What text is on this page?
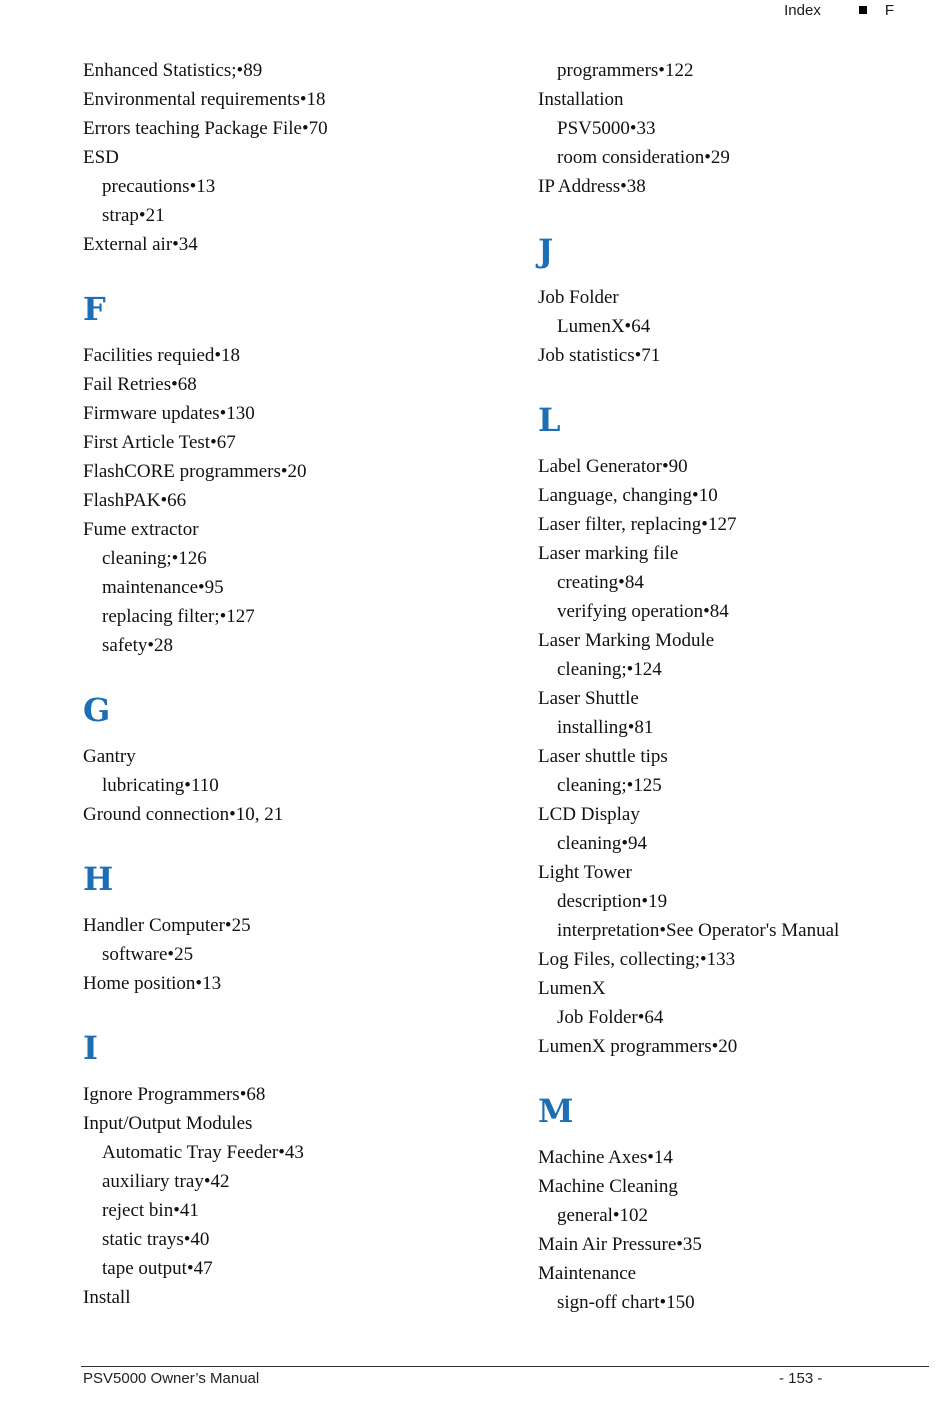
Index	F
Enhanced Statistics;•89
Environmental requirements•18
Errors teaching Package File•70
ESD
precautions•13
strap•21
External air•34
F
Facilities requied•18
Fail Retries•68
Firmware updates•130
First Article Test•67
FlashCORE programmers•20
FlashPAK•66
Fume extractor
cleaning;•126
maintenance•95
replacing filter;•127
safety•28
G
Gantry
lubricating•110
Ground connection•10, 21
H
Handler Computer•25
software•25
Home position•13
I
Ignore Programmers•68
Input/Output Modules
Automatic Tray Feeder•43
auxiliary tray•42
reject bin•41
static trays•40
tape output•47
Install
programmers•122
Installation
PSV5000•33
room consideration•29
IP Address•38
J
Job Folder
LumenX•64
Job statistics•71
L
Label Generator•90
Language, changing•10
Laser filter, replacing•127
Laser marking file
creating•84
verifying operation•84
Laser Marking Module
cleaning;•124
Laser Shuttle
installing•81
Laser shuttle tips
cleaning;•125
LCD Display
cleaning•94
Light Tower
description•19
interpretation•See Operator's Manual
Log Files, collecting;•133
LumenX
Job Folder•64
LumenX programmers•20
M
Machine Axes•14
Machine Cleaning
general•102
Main Air Pressure•35
Maintenance
sign-off chart•150
PSV5000 Owner’s Manual	- 153 -
